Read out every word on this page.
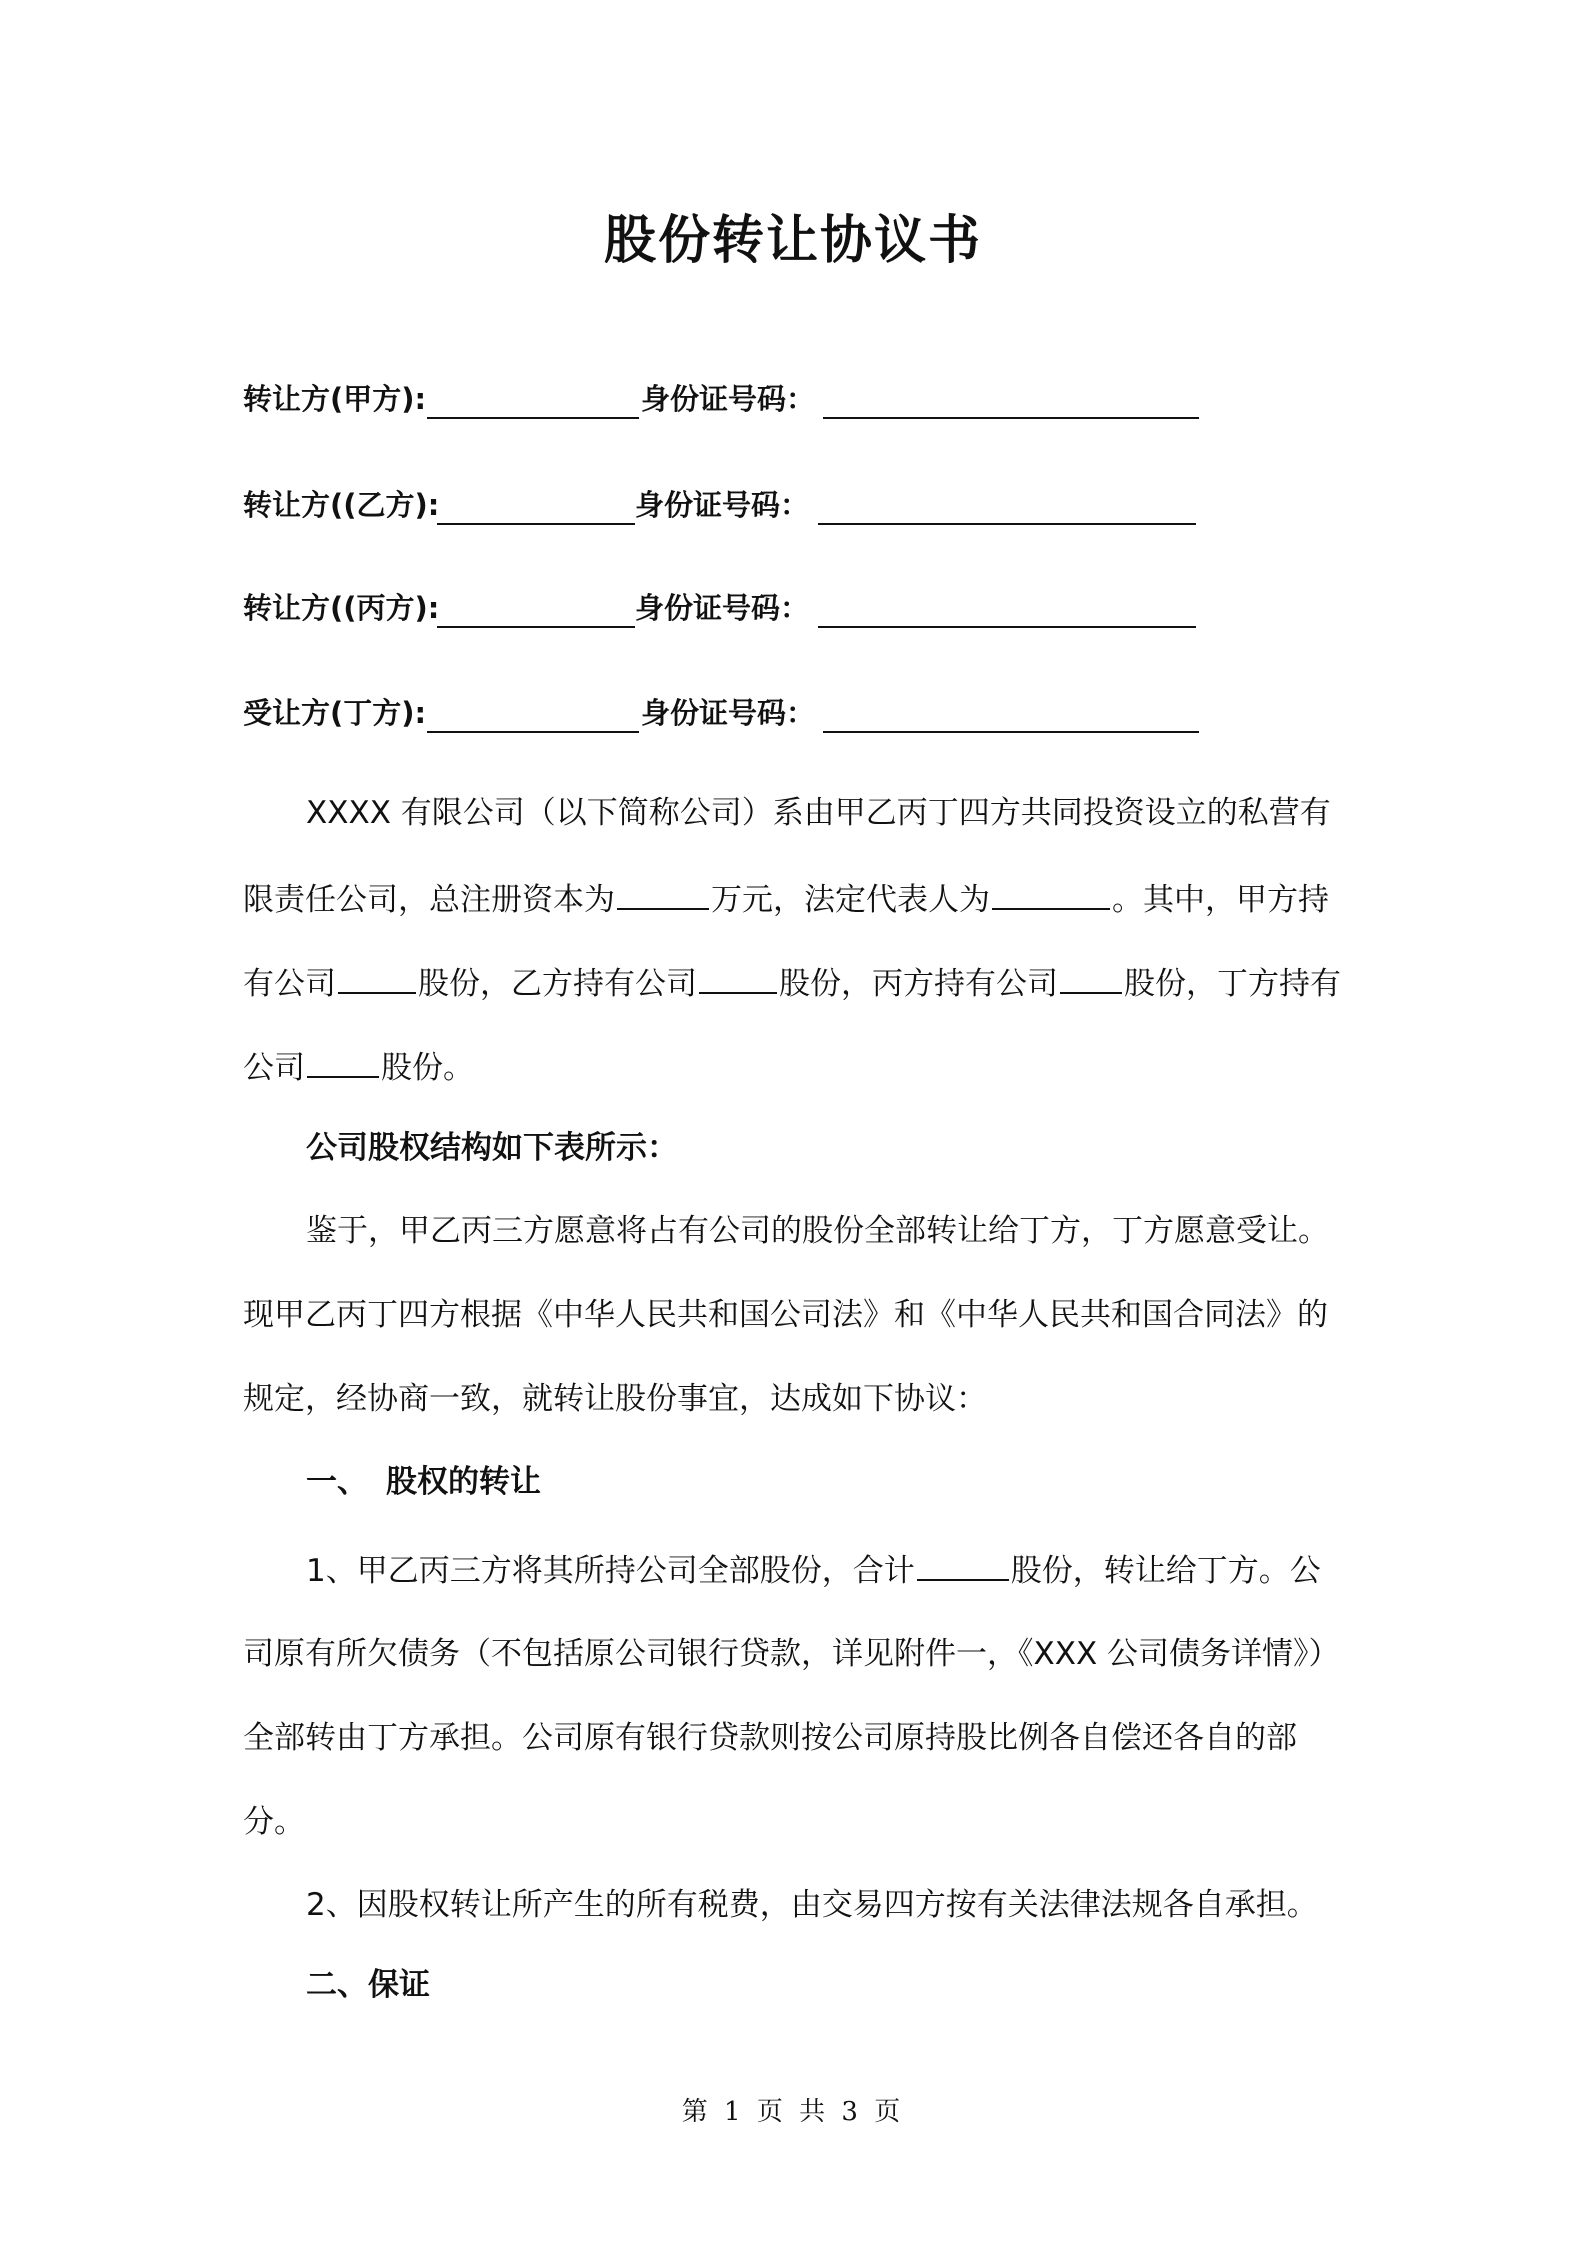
股份转让协议书
转让方(甲方):	身份证号码：
转让方((乙方):	身份证号码：
转让方((丙方):	身份证号码：
受让方(丁方):	身份证号码：
XXXX 有限公司（以下简称公司）系由甲乙丙丁四方共同投资设立的私营有
限责任公司，总注册资本为	万元，法定代表人为	。其中，甲方持
有公司	股份，乙方持有公司	股份，丙方持有公司 股份，丁方持有
公司 股份。
公司股权结构如下表所示：
鉴于，甲乙丙三方愿意将占有公司的股份全部转让给丁方，丁方愿意受让。
现甲乙丙丁四方根据《中华人民共和国公司法》和《中华人民共和国合同法》的
规定，经协商一致，就转让股份事宜，达成如下协议：
一、 股权的转让
1、甲乙丙三方将其所持公司全部股份，合计	股份，转让给丁方。公
司原有所欠债务（不包括原公司银行贷款，详见附件一，《XXX 公司债务详情》）
全部转由丁方承担。公司原有银行贷款则按公司原持股比例各自偿还各自的部
分。
2、因股权转让所产生的所有税费，由交易四方按有关法律法规各自承担。
二、保证
第 1 页 共 3 页
